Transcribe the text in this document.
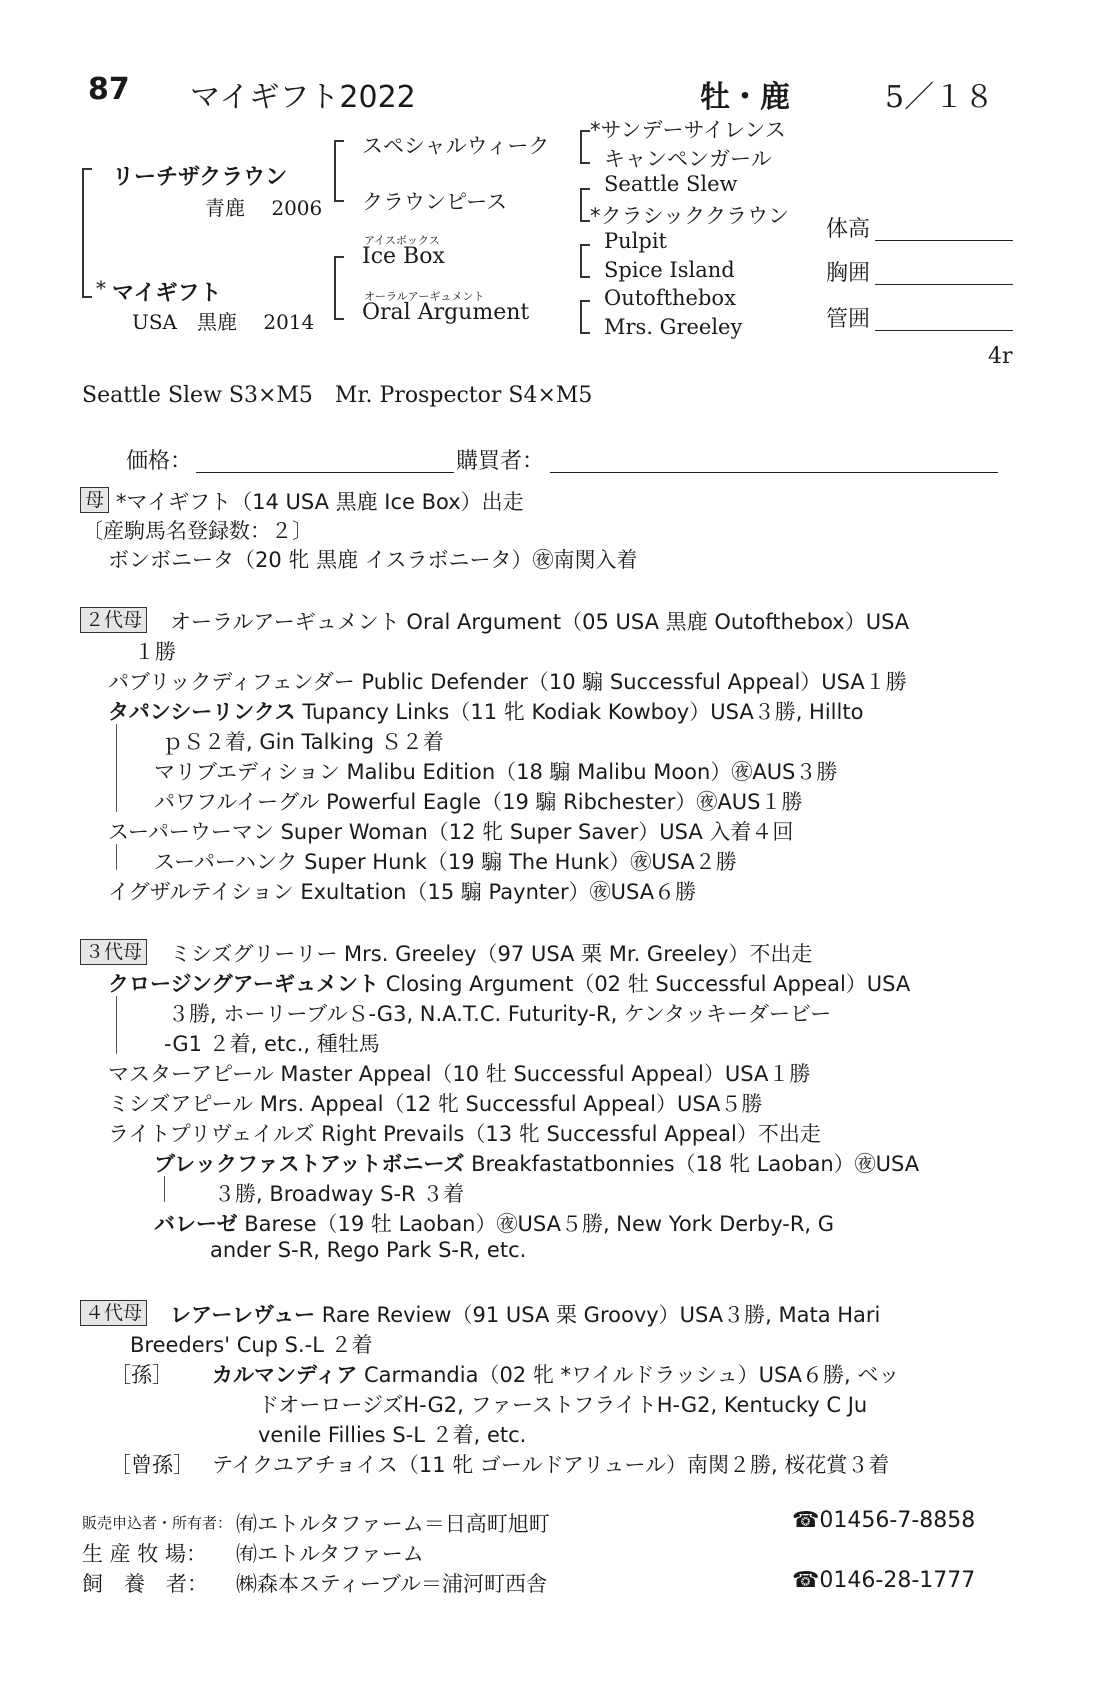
87 マイギフト2022	牡・鹿	5／１８
リーチザクラウン
青鹿　 2006
* マイギフト
USA　黒鹿　 2014
スペシャルウィーク
クラウンピース
アイスボックス
Ice Box
オーラルアーギュメント
Oral Argument
*サンデーサイレンス
キャンペンガール
Seattle Slew
*クラシッククラウン
Pulpit
Spice Island
Outofthebox
Mrs. Greeley
体高
胸囲
管囲
4r
Seattle Slew S3×M5　Mr. Prospector S4×M5
価格：	購買者：
母 *マイギフト（14 USA 黒鹿 Ice Box）出走
〔産駒馬名登録数：２〕
ボンボニータ（20 牝 黒鹿 イスラボニータ）㊰南関入着
２代母 オーラルアーギュメント Oral Argument（05 USA 黒鹿 Outofthebox）USA
１勝
パブリックディフェンダー Public Defender（10 騸 Successful Appeal）USA１勝
タパンシーリンクス Tupancy Links（11 牝 Kodiak Kowboy）USA３勝, Hillto
ｐＳ２着, Gin Talking Ｓ２着
マリブエディション Malibu Edition（18 騸 Malibu Moon）㊰AUS３勝
パワフルイーグル Powerful Eagle（19 騸 Ribchester）㊰AUS１勝
スーパーウーマン Super Woman（12 牝 Super Saver）USA 入着４回
スーパーハンク Super Hunk（19 騸 The Hunk）㊰USA２勝
イグザルテイション Exultation（15 騸 Paynter）㊰USA６勝
３代母 ミシズグリーリー Mrs. Greeley（97 USA 栗 Mr. Greeley）不出走
クロージングアーギュメント Closing Argument（02 牡 Successful Appeal）USA
３勝, ホーリーブルＳ-G3, N.A.T.C. Futurity-R, ケンタッキーダービー
-G1 ２着, etc., 種牡馬
マスターアピール Master Appeal（10 牡 Successful Appeal）USA１勝
ミシズアピール Mrs. Appeal（12 牝 Successful Appeal）USA５勝
ライトプリヴェイルズ Right Prevails（13 牝 Successful Appeal）不出走
ブレックファストアットボニーズ Breakfastatbonnies（18 牝 Laoban）㊰USA
３勝, Broadway S-R ３着
バレーゼ Barese（19 牡 Laoban）㊰USA５勝, New York Derby-R, G
ander S-R, Rego Park S-R, etc.
４代母 レアーレヴュー Rare Review（91 USA 栗 Groovy）USA３勝, Mata Hari
Breeders' Cup S.-L ２着
［孫］ カルマンディア Carmandia（02 牝 *ワイルドラッシュ）USA６勝, ベッ
ドオーロージズH-G2, ファーストフライトH-G2, Kentucky C Ju
venile Fillies S-L ２着, etc.
［曾孫］ テイクユアチョイス（11 牝 ゴールドアリュール）南関２勝, 桜花賞３着
販売申込者・所有者： ㈲エトルタファーム＝日高町旭町	☎01456-7-8858
生 産 牧 場： ㈲エトルタファーム
飼　養　者： ㈱森本スティーブル＝浦河町西舎	☎0146-28-1777
